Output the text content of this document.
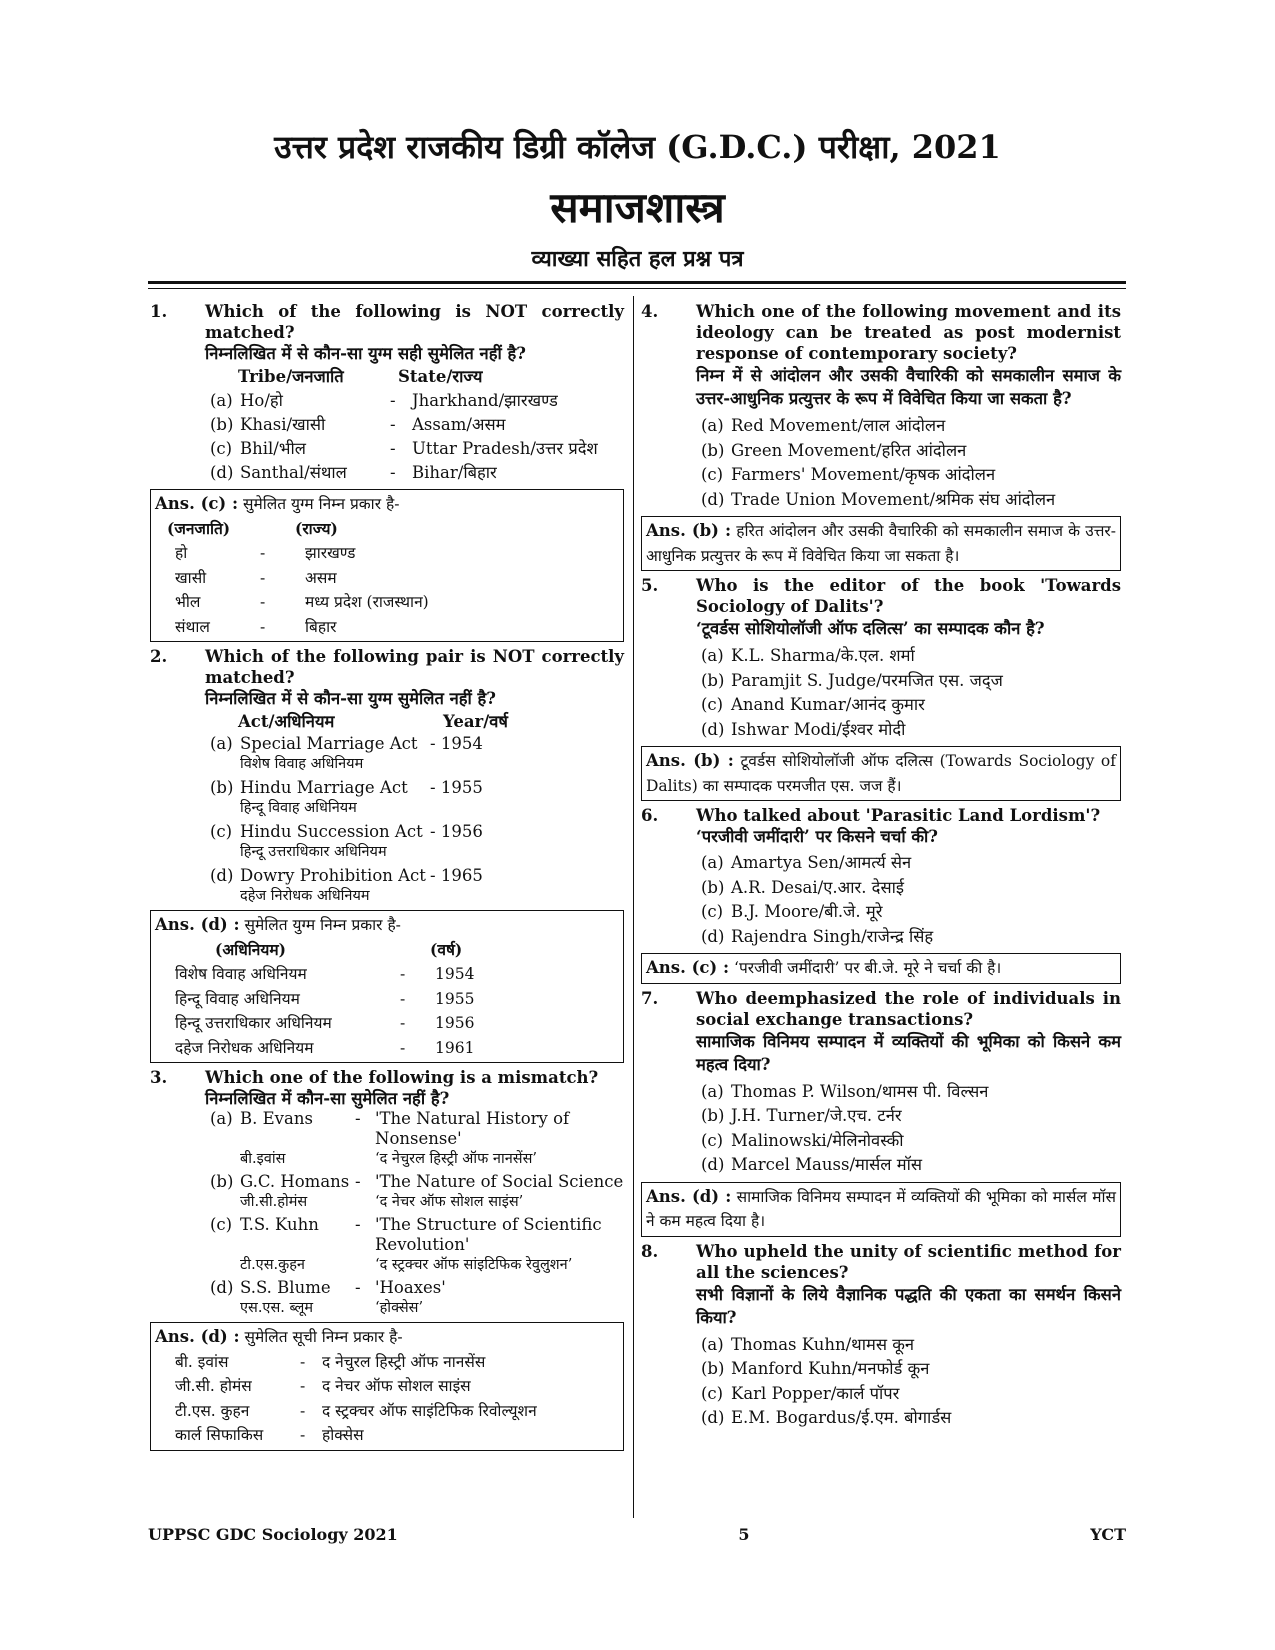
उत्तर प्रदेश राजकीय डिग्री कॉलेज (G.D.C.) परीक्षा, 2021
समाजशास्त्र
व्याख्या सहित हल प्रश्न पत्र
1.	Which of the following is NOT correctly matched?
निम्नलिखित में से कौन-सा युग्म सही सुमेलित नहीं है?
Tribe/जनजाति	State/राज्य
(a) Ho/हो	- Jharkhand/झारखण्ड
(b) Khasi/खासी	- Assam/असम
(c) Bhil/भील	- Uttar Pradesh/उत्तर प्रदेश
(d) Santhal/संथाल	- Bihar/बिहार
Ans. (c) : सुमेलित युग्म निम्न प्रकार है-
(जनजाति)	(राज्य)
हो	-	झारखण्ड
खासी	-	असम
भील	-	मध्य प्रदेश (राजस्थान)
संथाल	-	बिहार
2.	Which of the following pair is NOT correctly matched?
निम्नलिखित में से कौन-सा युग्म सुमेलित नहीं है?
Act/अधिनियम	Year/वर्ष
(a) Special Marriage Act - 1954
विशेष विवाह अधिनियम
(b) Hindu Marriage Act	- 1955
हिन्दू विवाह अधिनियम
(c) Hindu Succession Act - 1956
हिन्दू उत्तराधिकार अधिनियम
(d) Dowry Prohibition Act - 1965
दहेज निरोधक अधिनियम
Ans. (d) : सुमेलित युग्म निम्न प्रकार है-
(अधिनियम)	(वर्ष)
विशेष विवाह अधिनियम	-	1954
हिन्दू विवाह अधिनियम	-	1955
हिन्दू उत्तराधिकार अधिनियम	-	1956
दहेज निरोधक अधिनियम	-	1961
3.	Which one of the following is a mismatch?
निम्नलिखित में कौन-सा सुमेलित नहीं है?
(a) B. Evans	- 'The Natural History of Nonsense'
बी.इवांस	‘द नेचुरल हिस्ट्री ऑफ नानसेंस’
(b) G.C. Homans - 'The Nature of Social Science
जी.सी.होमंस	‘द नेचर ऑफ सोशल साइंस’
(c) T.S. Kuhn	- 'The Structure of Scientific Revolution'
टी.एस.कुहन	‘द स्ट्रक्चर ऑफ सांइटिफिक रेवुलुशन’
(d) S.S. Blume	- 'Hoaxes'
एस.एस. ब्लूम	‘होक्सेस’
Ans. (d) : सुमेलित सूची निम्न प्रकार है-
बी. इवांस	-	द नेचुरल हिस्ट्री ऑफ नानसेंस
जी.सी. होमंस	-	द नेचर ऑफ सोशल साइंस
टी.एस. कुहन	-	द स्ट्रक्चर ऑफ साइंटिफिक रिवोल्यूशन
कार्ल सिफाकिस	-	होक्सेस
4.	Which one of the following movement and its ideology can be treated as post modernist response of contemporary society?
निम्न में से आंदोलन और उसकी वैचारिकी को समकालीन समाज के उत्तर-आधुनिक प्रत्युत्तर के रूप में विवेचित किया जा सकता है?
(a) Red Movement/लाल आंदोलन
(b) Green Movement/हरित आंदोलन
(c) Farmers' Movement/कृषक आंदोलन
(d) Trade Union Movement/श्रमिक संघ आंदोलन
Ans. (b) : हरित आंदोलन और उसकी वैचारिकी को समकालीन समाज के उत्तर-आधुनिक प्रत्युत्तर के रूप में विवेचित किया जा सकता है।
5.	Who is the editor of the book 'Towards Sociology of Dalits'?
‘टूवर्डस सोशियोलॉजी ऑफ दलित्स’ का सम्पादक कौन है?
(a) K.L. Sharma/के.एल. शर्मा
(b) Paramjit S. Judge/परमजित एस. जद्ज
(c) Anand Kumar/आनंद कुमार
(d) Ishwar Modi/ईश्वर मोदी
Ans. (b) : टूवर्डस सोशियोलॉजी ऑफ दलित्स (Towards Sociology of Dalits) का सम्पादक परमजीत एस. जज हैं।
6.	Who talked about 'Parasitic Land Lordism'?
‘परजीवी जमींदारी’ पर किसने चर्चा की?
(a) Amartya Sen/आमर्त्य सेन
(b) A.R. Desai/ए.आर. देसाई
(c) B.J. Moore/बी.जे. मूरे
(d) Rajendra Singh/राजेन्द्र सिंह
Ans. (c) : ‘परजीवी जमींदारी’ पर बी.जे. मूरे ने चर्चा की है।
7.	Who deemphasized the role of individuals in social exchange transactions?
सामाजिक विनिमय सम्पादन में व्यक्तियों की भूमिका को किसने कम महत्व दिया?
(a) Thomas P. Wilson/थामस पी. विल्सन
(b) J.H. Turner/जे.एच. टर्नर
(c) Malinowski/मेलिनोवस्की
(d) Marcel Mauss/मार्सल मॉस
Ans. (d) : सामाजिक विनिमय सम्पादन में व्यक्तियों की भूमिका को मार्सल मॉस ने कम महत्व दिया है।
8.	Who upheld the unity of scientific method for all the sciences?
सभी विज्ञानों के लिये वैज्ञानिक पद्धति की एकता का समर्थन किसने किया?
(a) Thomas Kuhn/थामस कून
(b) Manford Kuhn/मनफोर्ड कून
(c) Karl Popper/कार्ल पॉपर
(d) E.M. Bogardus/ई.एम. बोगार्डस
UPPSC GDC Sociology 2021	5	YCT
